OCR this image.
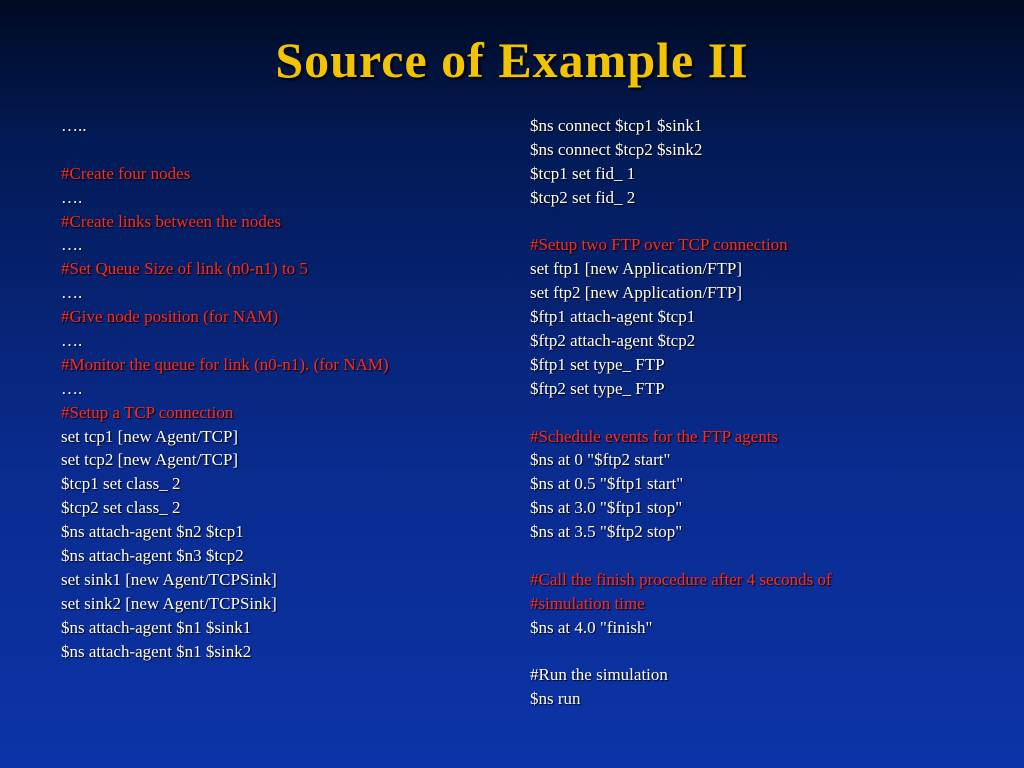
Source of Example II
…..
#Create four nodes
….
#Create links between the nodes
….
#Set Queue Size of link (n0-n1) to 5
….
#Give node position (for NAM)
….
#Monitor the queue for link (n0-n1). (for NAM)
….
#Setup a TCP connection
set tcp1 [new Agent/TCP]
set tcp2 [new Agent/TCP]
$tcp1 set class_ 2
$tcp2 set class_ 2
$ns attach-agent $n2 $tcp1
$ns attach-agent $n3 $tcp2
set sink1 [new Agent/TCPSink]
set sink2 [new Agent/TCPSink]
$ns attach-agent $n1 $sink1
$ns attach-agent $n1 $sink2
$ns connect $tcp1 $sink1
$ns connect $tcp2 $sink2
$tcp1 set fid_ 1
$tcp2 set fid_ 2
#Setup two FTP over TCP connection
set ftp1 [new Application/FTP]
set ftp2 [new Application/FTP]
$ftp1 attach-agent $tcp1
$ftp2 attach-agent $tcp2
$ftp1 set type_ FTP
$ftp2 set type_ FTP
#Schedule events for the FTP agents
$ns at 0 "$ftp2 start"
$ns at 0.5 "$ftp1 start"
$ns at 3.0 "$ftp1 stop"
$ns at 3.5 "$ftp2 stop"
#Call the finish procedure after 4 seconds of
#simulation time
$ns at 4.0 "finish"
#Run the simulation
$ns run
